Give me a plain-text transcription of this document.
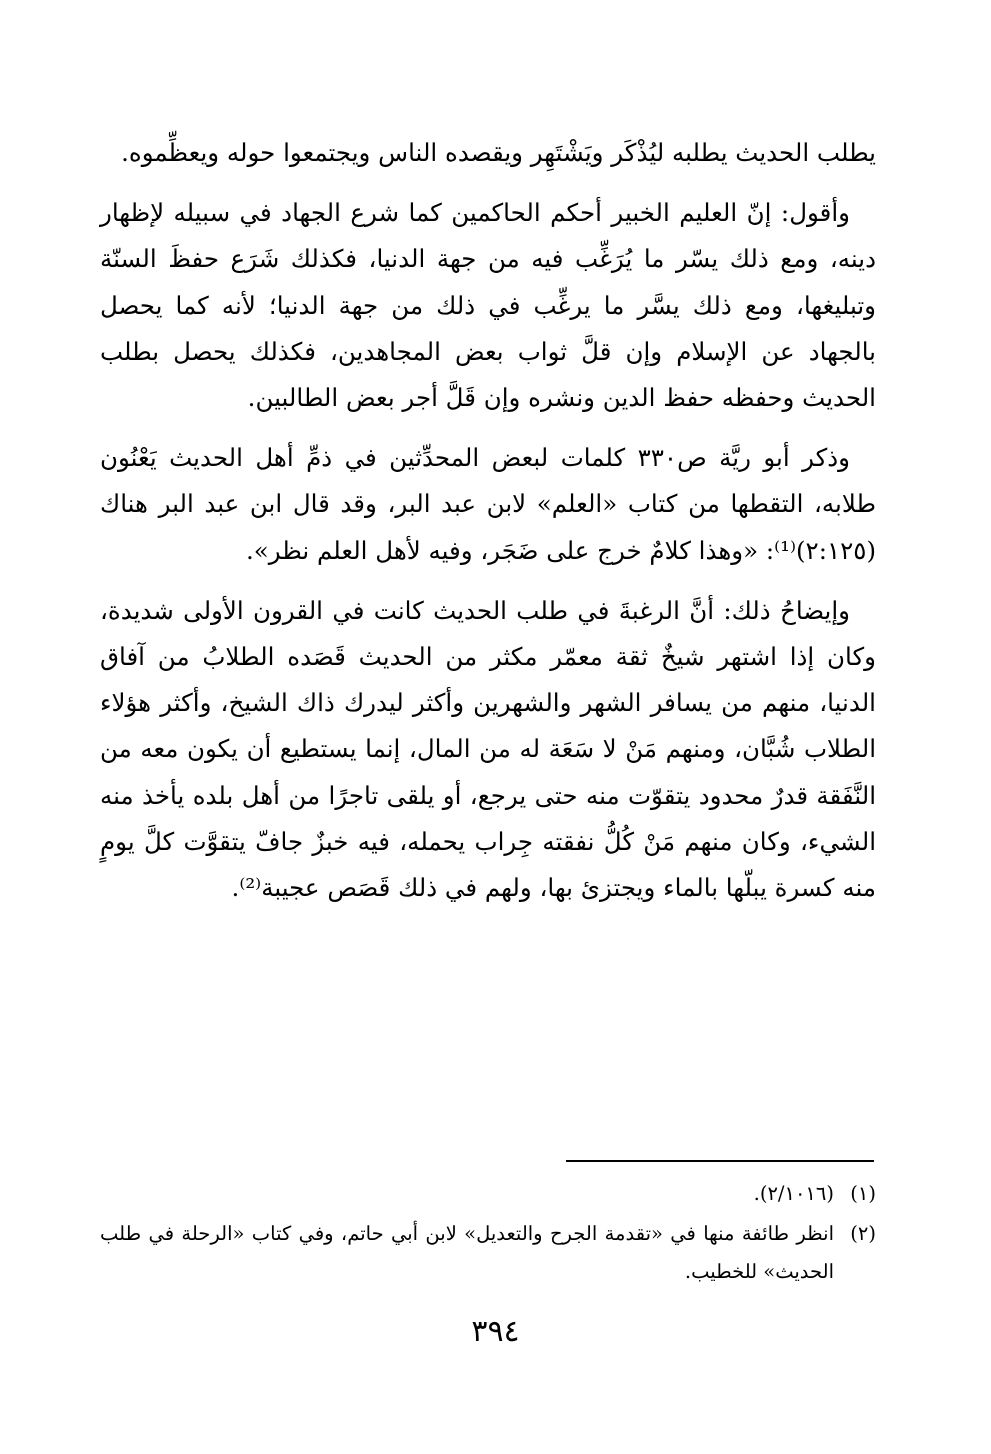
يطلب الحديث يطلبه ليُذْكَر ويَشْتَهِر ويقصده الناس ويجتمعوا حوله ويعظِّموه.

وأقول: إنّ العليم الخبير أحكم الحاكمين كما شرع الجهاد في سبيله لإظهار دينه، ومع ذلك يسّر ما يُرَغِّب فيه من جهة الدنيا، فكذلك شَرَع حفظَ السنّة وتبليغها، ومع ذلك يسَّر ما يرغِّب في ذلك من جهة الدنيا؛ لأنه كما يحصل بالجهاد عن الإسلام وإن قلَّ ثواب بعض المجاهدين، فكذلك يحصل بطلب الحديث وحفظه حفظ الدين ونشره وإن قَلَّ أجر بعض الطالبين.

وذكر أبو ريَّة ص٣٣٠ كلمات لبعض المحدِّثين في ذمِّ أهل الحديث يَعْنُون طلابه، التقطها من كتاب «العلم» لابن عبد البر، وقد قال ابن عبد البر هناك (٢:١٢٥)⁽¹⁾: «وهذا كلامٌ خرج على ضَجَر، وفيه لأهل العلم نظر».

وإيضاحُ ذلك: أنَّ الرغبةَ في طلب الحديث كانت في القرون الأولى شديدة، وكان إذا اشتهر شيخٌ ثقة معمّر مكثر من الحديث قَصَده الطلابُ من آفاق الدنيا، منهم من يسافر الشهر والشهرين وأكثر ليدرك ذاك الشيخ، وأكثر هؤلاء الطلاب شُبَّان، ومنهم مَنْ لا سَعَة له من المال، إنما يستطيع أن يكون معه من النَّفَقة قدرٌ محدود يتقوّت منه حتى يرجع، أو يلقى تاجرًا من أهل بلده يأخذ منه الشيء، وكان منهم مَنْ كُلُّ نفقته جِراب يحمله، فيه خبزٌ جافّ يتقوَّت كلَّ يومٍ منه كسرة يبلّها بالماء ويجتزئ بها، ولهم في ذلك قَصَص عجيبة⁽²⁾.

(١)
(٢/١٠١٦).
(٢)
انظر طائفة منها في «تقدمة الجرح والتعديل» لابن أبي حاتم، وفي كتاب «الرحلة في طلب الحديث» للخطيب.
٣٩٤
